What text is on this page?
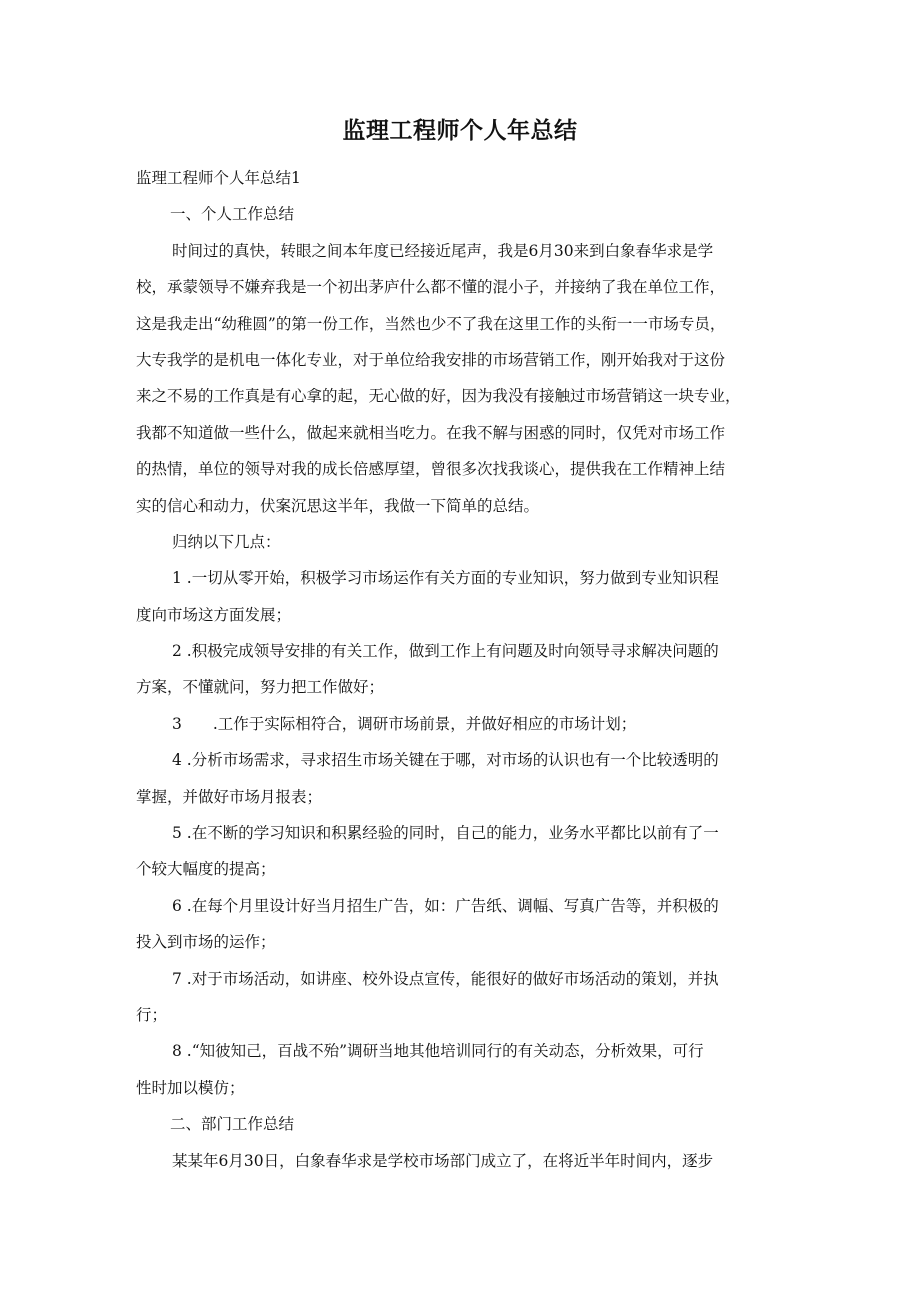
监理工程师个人年总结
监理工程师个人年总结1
一、个人工作总结
时间过的真快，转眼之间本年度已经接近尾声，我是6月30来到白象春华求是学
校，承蒙领导不嫌弃我是一个初出茅庐什么都不懂的混小子，并接纳了我在单位工作，
这是我走出“幼稚圆”的第一份工作，当然也少不了我在这里工作的头衔一一市场专员，
大专我学的是机电一体化专业，对于单位给我安排的市场营销工作，刚开始我对于这份
来之不易的工作真是有心拿的起，无心做的好，因为我没有接触过市场营销这一块专业，
我都不知道做一些什么，做起来就相当吃力。在我不解与困惑的同时，仅凭对市场工作
的热情，单位的领导对我的成长倍感厚望，曾很多次找我谈心，提供我在工作精神上结
实的信心和动力，伏案沉思这半年，我做一下简单的总结。
归纳以下几点：
1 .一切从零开始，积极学习市场运作有关方面的专业知识，努力做到专业知识程
度向市场这方面发展；
2 .积极完成领导安排的有关工作，做到工作上有问题及时向领导寻求解决问题的
方案，不懂就问，努力把工作做好；
3　　.工作于实际相符合，调研市场前景，并做好相应的市场计划；
4 .分析市场需求，寻求招生市场关键在于哪，对市场的认识也有一个比较透明的
掌握，并做好市场月报表；
5 .在不断的学习知识和积累经验的同时，自己的能力，业务水平都比以前有了一
个较大幅度的提高；
6 .在每个月里设计好当月招生广告，如：广告纸、调幅、写真广告等，并积极的
投入到市场的运作；
7 .对于市场活动，如讲座、校外设点宣传，能很好的做好市场活动的策划，并执
行；
8 .“知彼知己，百战不殆”调研当地其他培训同行的有关动态，分析效果，可行
性时加以模仿；
二、部门工作总结
某某年6月30日，白象春华求是学校市场部门成立了，在将近半年时间内，逐步
